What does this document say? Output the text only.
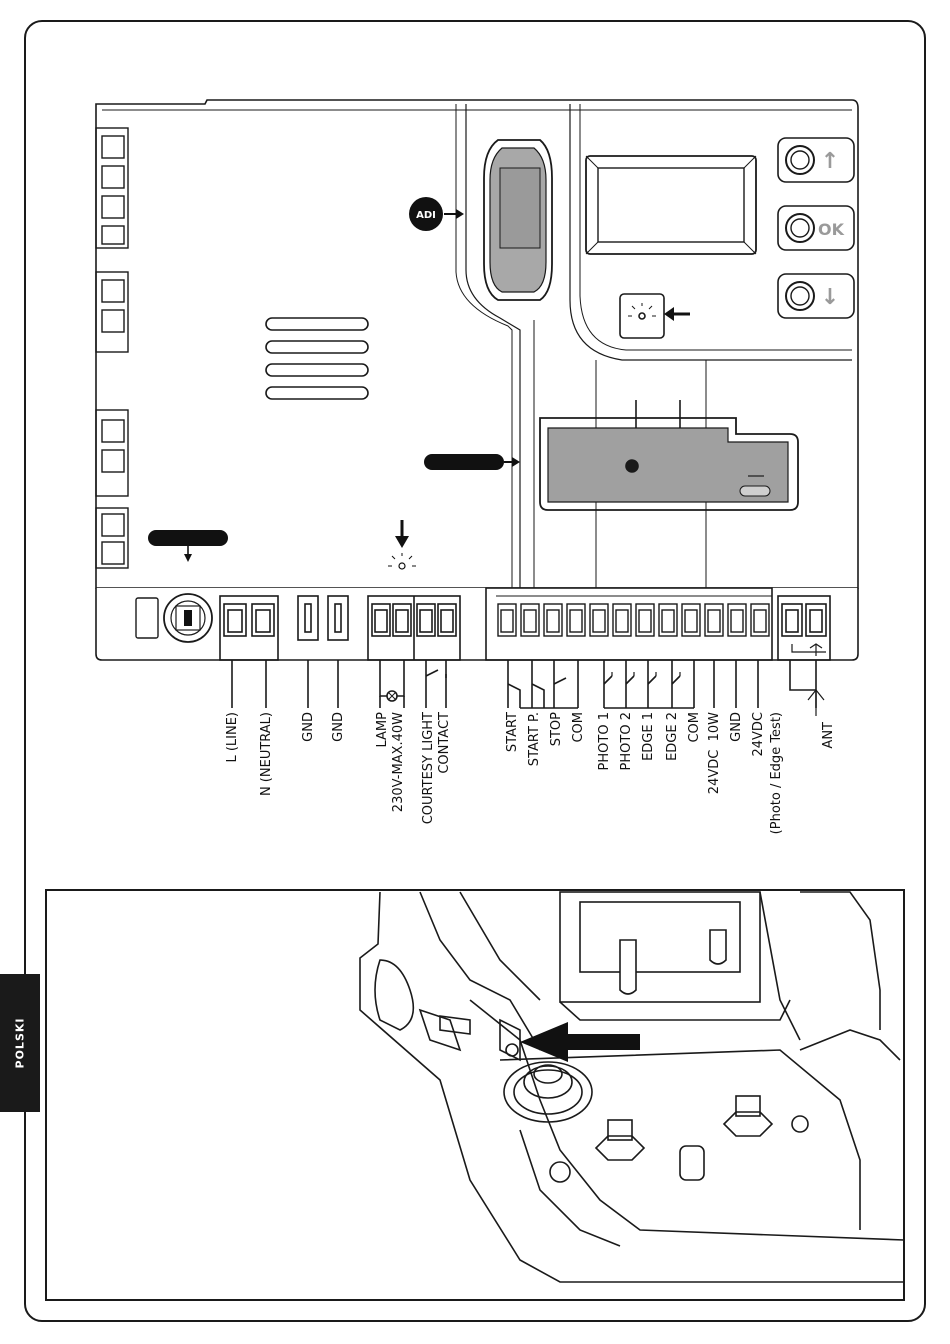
↑
OK
↓
ADI
L (LINE) N (NEUTRAL) GND GND LAMP 230V-MAX.40W COURTESY LIGHT CONTACT	START START P. STOP COM PHOTO 1 PHOTO 2 EDGE 1 EDGE 2 COM 24VDC  10W GND 24VDC (Photo / Edge Test)	ANT
POLSKI
